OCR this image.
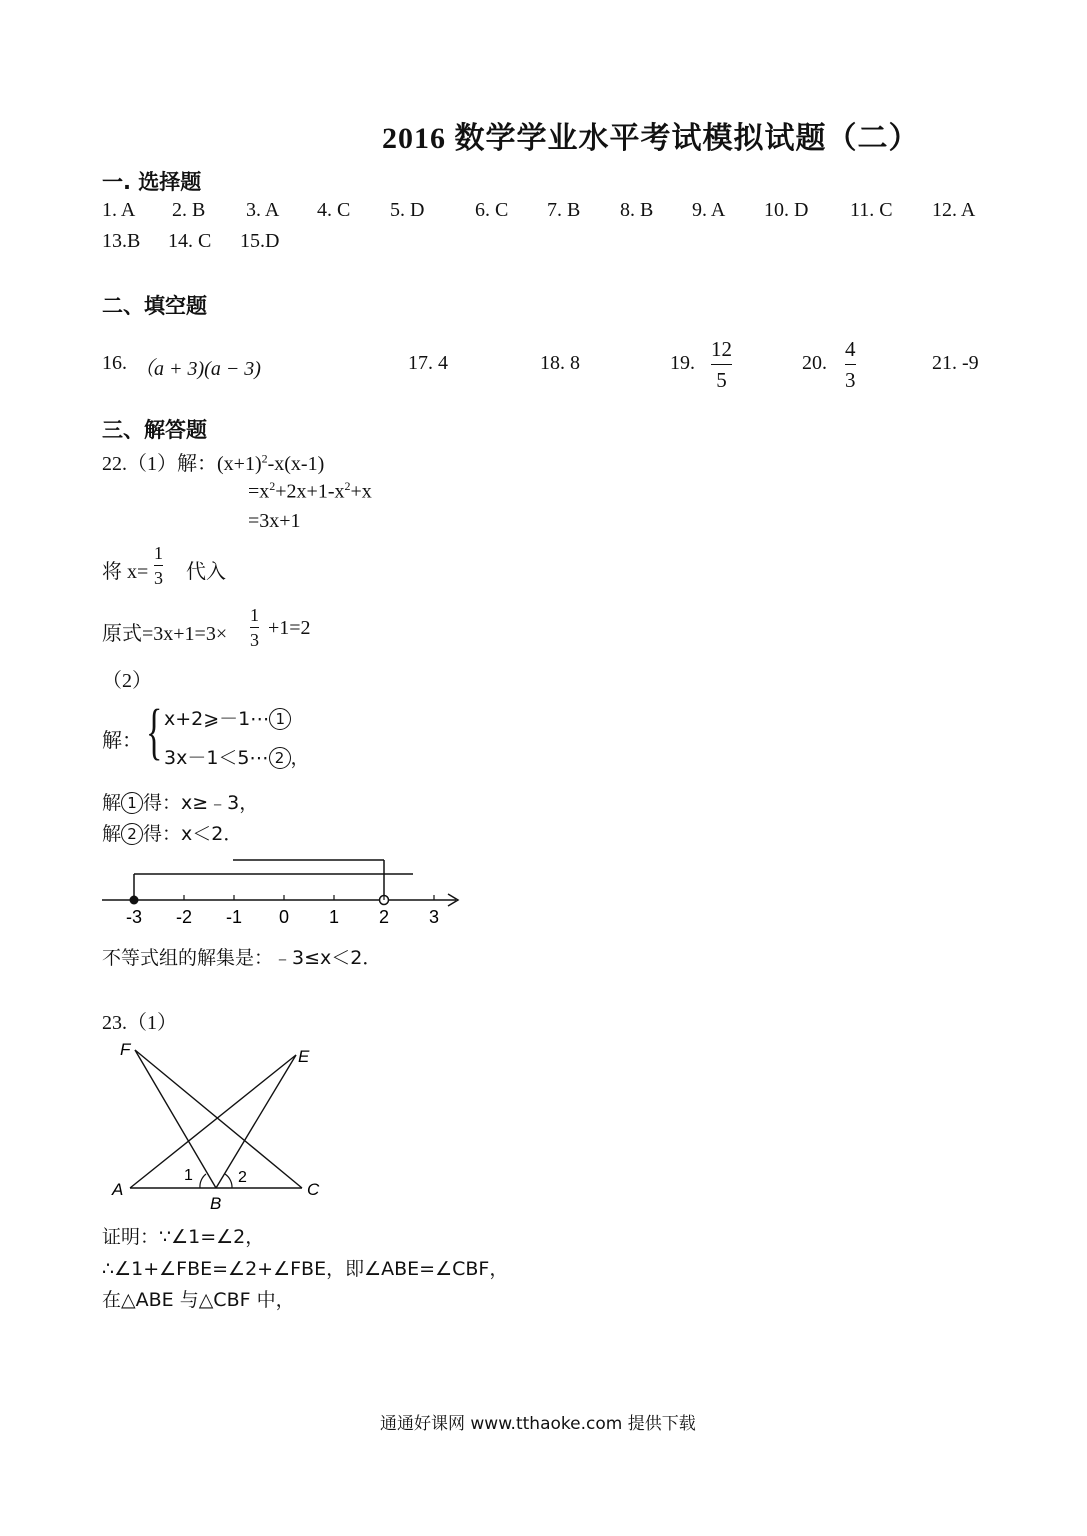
2016 数学学业水平考试模拟试题（二）
一. 选择题
1. A 2. B 3. A 4. C 5. D	6. C 7. B 8. B 9. A 10. D 11. C 12. A
13.B 14. C 15.D
二、填空题
16. （a + 3)(a − 3)	17. 4	18. 8	19.
12
5
20.
4
3
21. -9
三、解答题
22.（1）解：$(x+1)^2-x(x-1)$
$=x^2+2x+1-x^2+x$
=3x+1
将 x=
1
3 代入
原式=3x+1=3×
1
3
+1=2
（2）
解： { x+2⩾－1⋯ 1
3x－1＜5⋯ 2 ，
解 1 得：x≥﹣3，
解 2 得：x＜2．
-3 -2 -1 0 1 2 3
不等式组的解集是：﹣3≤x＜2．
23.（1）
F	E
A
B
C
1	2
证明：∵∠1=∠2，
∴∠1+∠FBE=∠2+∠FBE，即∠ABE=∠CBF，
在△ABE 与△CBF 中，
通通好课网 www.tthaoke.com 提供下载
